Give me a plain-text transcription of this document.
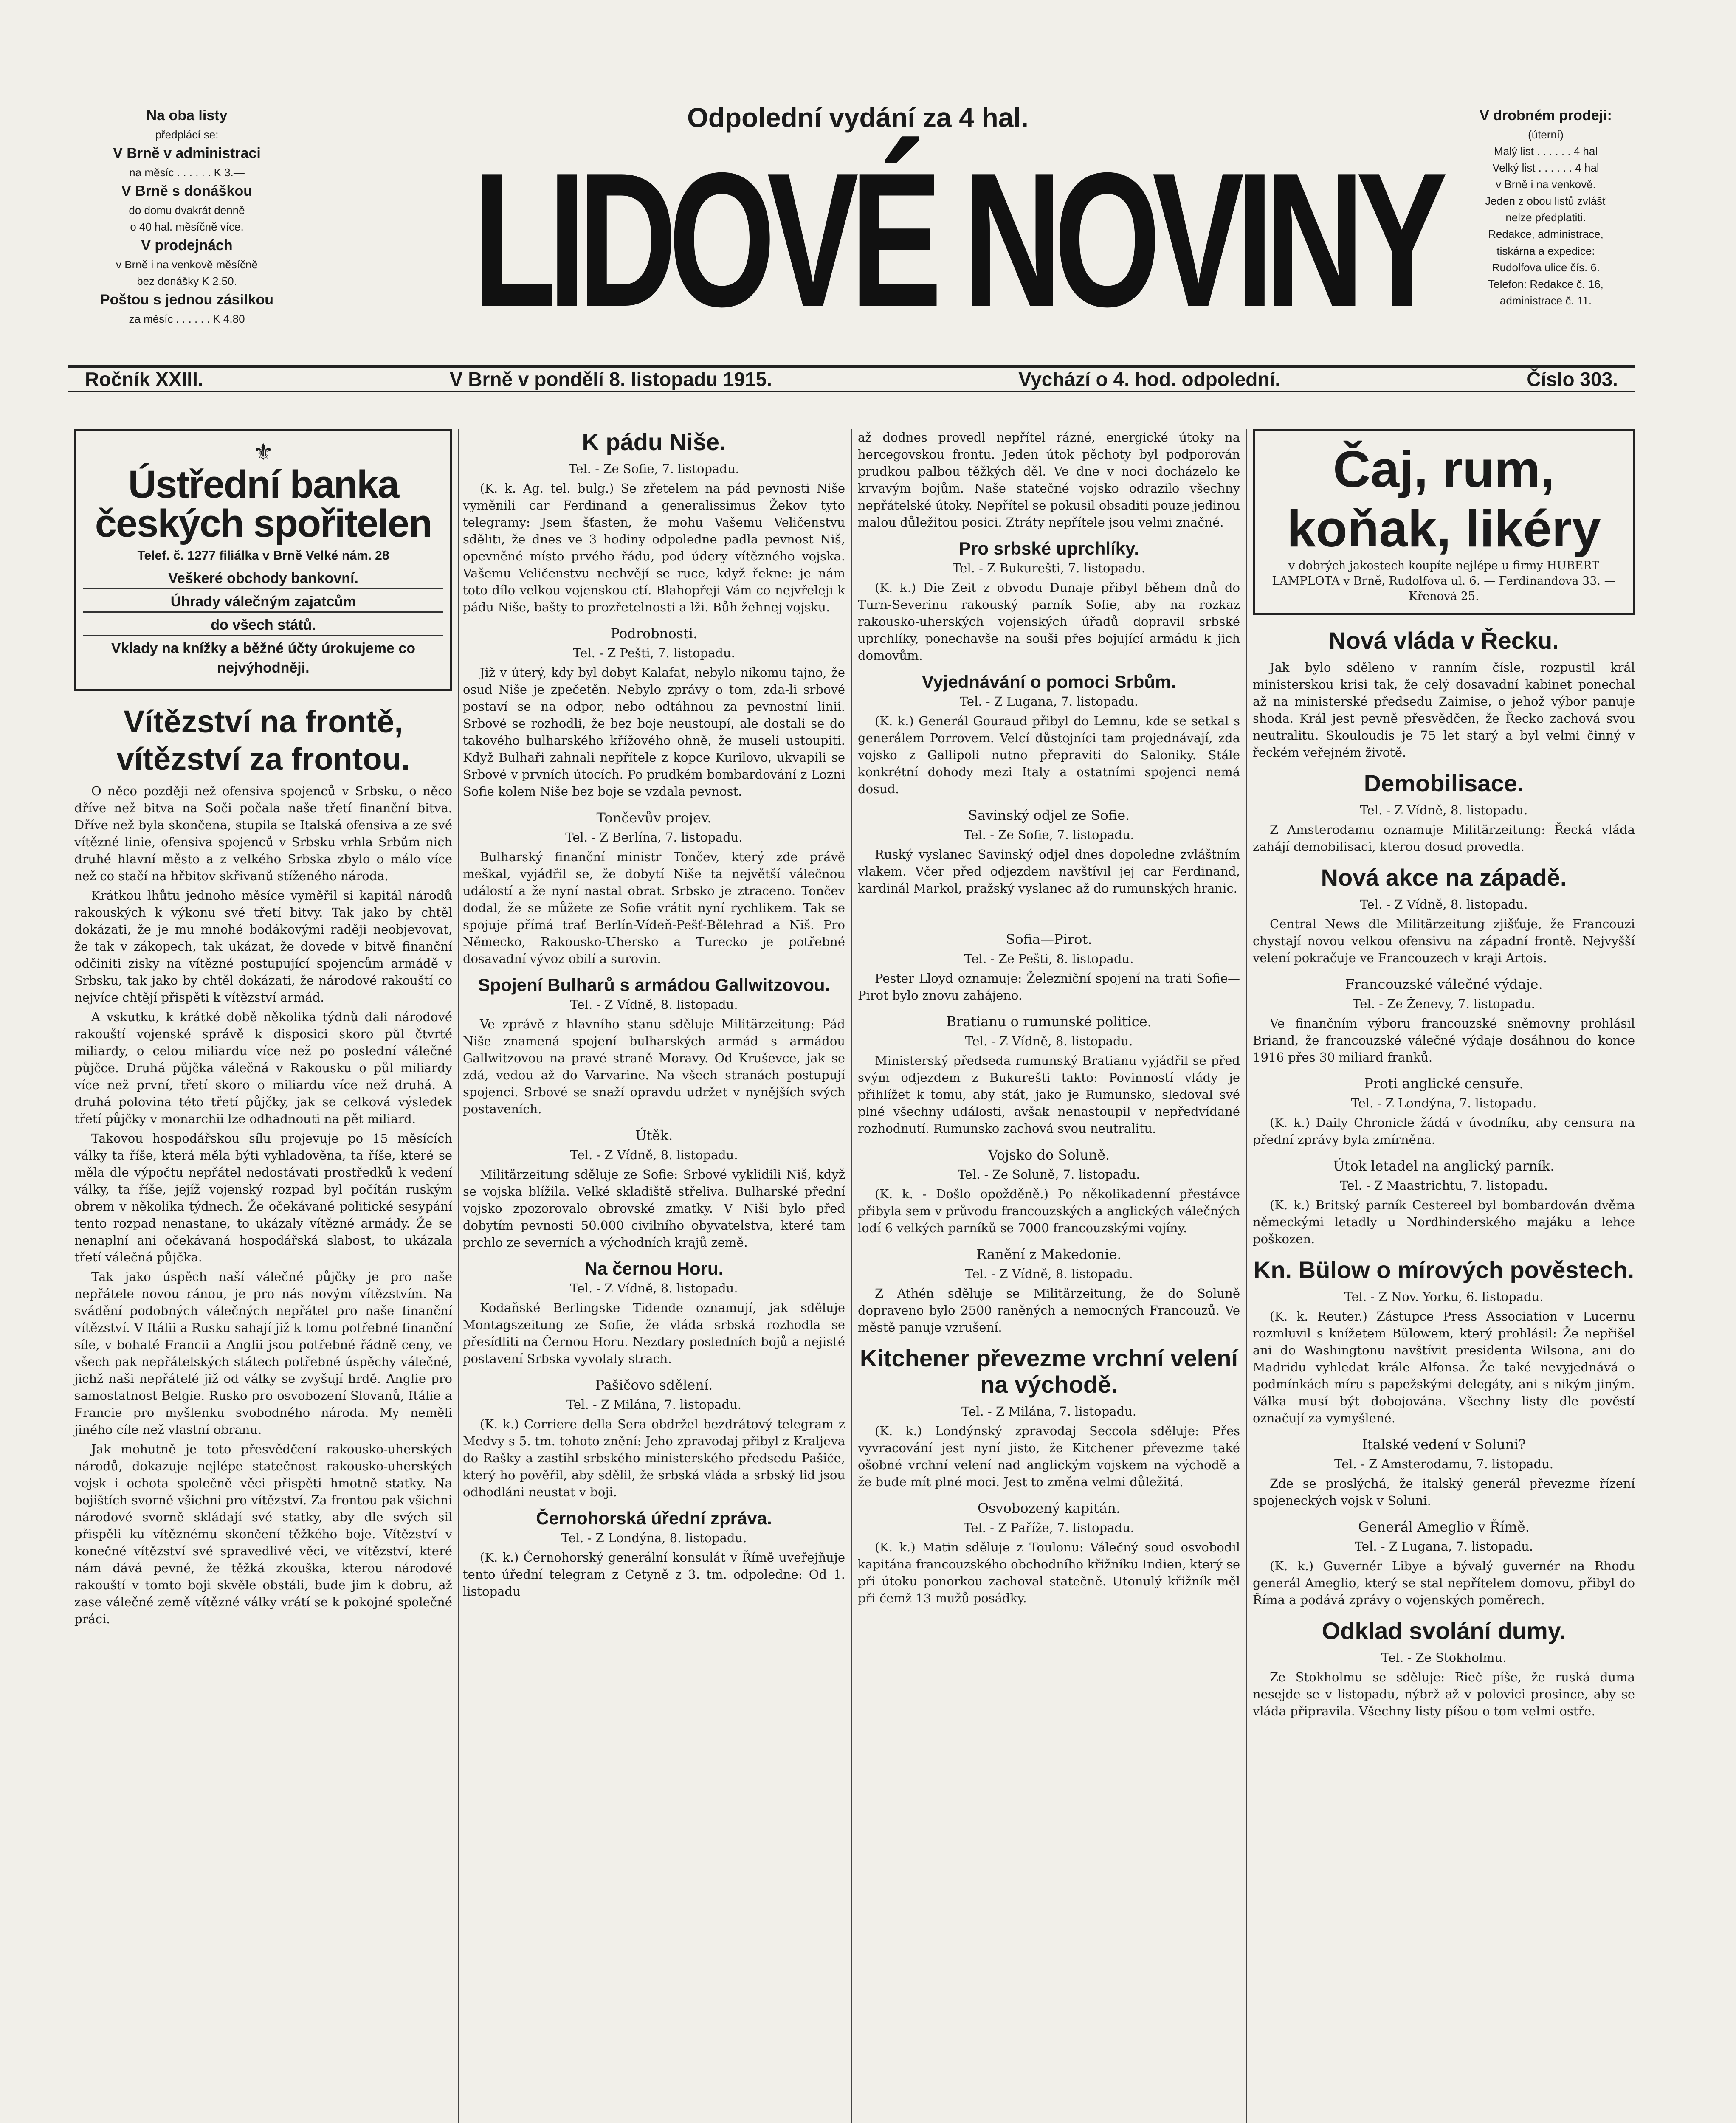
Na oba listy
předplácí se:
V Brně v administraci
na měsíc . . . . . . K 3.—
V Brně s donáškou
do domu dvakrát denně
o 40 hal. měsíčně více.
V prodejnách
v Brně i na venkově měsíčně
bez donášky K 2.50.
Poštou s jednou zásilkou
za měsíc . . . . . . K 4.80
Odpolední vydání za 4 hal.
LIDOVÉ NOVINY
V drobném prodeji:
(úterní)
Malý list . . . . . . 4 hal
Velký list . . . . . . 4 hal
v Brně i na venkově.
Jeden z obou listů zvlášť
nelze předplatiti.
Redakce, administrace,
tiskárna a expedice:
Rudolfova ulice čís. 6.
Telefon: Redakce č. 16,
administrace č. 11.
Ročník XXIII.	V Brně v pondělí 8. listopadu 1915.	Vychází o 4. hod. odpolední.	Číslo 303.
⚜
Ústřední banka
českých spořitelen
Telef. č. 1277 filiálka v Brně Velké nám. 28
Veškeré obchody bankovní.
Úhrady válečným zajatcům
do všech států.
Vklady na knížky a běžné účty úrokujeme co nejvýhodněji.
Vítězství na frontě,
vítězství za frontou.

O něco později než ofensiva spojenců v Srbsku, o něco dříve než bitva na Soči počala naše třetí finanční bitva. Dříve než byla skončena, stupila se Italská ofensiva a ze své vítězné linie, ofensiva spojenců v Srbsku vrhla Srbům nich druhé hlavní město a z velkého Srbska zbylo o málo více než co stačí na hřbitov skřivanů stíženého národa.

Krátkou lhůtu jednoho měsíce vyměřil si kapitál národů rakouských k výkonu své třetí bitvy. Tak jako by chtěl dokázati, že je mu mnohé bodákovými raději neobjevovat, že tak v zákopech, tak ukázat, že dovede v bitvě finanční odčiniti zisky na vítězné postupující spojencům armádě v Srbsku, tak jako by chtěl dokázati, že národové rakouští co nejvíce chtějí přispěti k vítězství armád.

A vskutku, k krátké době několika týdnů dali národové rakouští vojenské správě k disposici skoro půl čtvrté miliardy, o celou miliardu více než po poslední válečné půjčce. Druhá půjčka válečná v Rakousku o půl miliardy více než první, třetí skoro o miliardu více než druhá. A druhá polovina této třetí půjčky, jak se celková výsledek třetí půjčky v monarchii lze odhadnouti na pět miliard.

Takovou hospodářskou sílu projevuje po 15 měsících války ta říše, která měla býti vyhladověna, ta říše, které se měla dle výpočtu nepřátel nedostávati prostředků k vedení války, ta říše, jejíž vojenský rozpad byl počítán ruským obrem v několika týdnech. Že očekávané politické sesypání tento rozpad nenastane, to ukázaly vítězné armády. Že se nenaplní ani očekávaná hospodářská slabost, to ukázala třetí válečná půjčka.

Tak jako úspěch naší válečné půjčky je pro naše nepřátele novou ránou, je pro nás novým vítězstvím. Na svádění podobných válečných nepřátel pro naše finanční vítězství. V Itálii a Rusku sahají již k tomu potřebné finanční síle, v bohaté Francii a Anglii jsou potřebné řádně ceny, ve všech pak nepřátelských státech potřebné úspěchy válečné, jichž naši nepřátelé již od války se zvyšují hrdě. Anglie pro samostatnost Belgie. Rusko pro osvobození Slovanů, Itálie a Francie pro myšlenku svobodného národa. My neměli jiného cíle než vlastní obranu.

Jak mohutně je toto přesvědčení rakousko-uherských národů, dokazuje nejlépe statečnost rakousko-uherských vojsk i ochota společně věci přispěti hmotně statky. Na bojištích svorně všichni pro vítězství. Za frontou pak všichni národové svorně skládají své statky, aby dle svých sil přispěli ku vítěznému skončení těžkého boje. Vítězství v konečné vítězství své spravedlivé věci, ve vítězství, které nám dává pevné, že těžká zkouška, kterou národové rakouští v tomto boji skvěle obstáli, bude jim k dobru, až zase válečné země vítězné války vrátí se k pokojné společné práci.

K pádu Niše.

Tel. - Ze Sofie, 7. listopadu.

(K. k. Ag. tel. bulg.) Se zřetelem na pád pevnosti Niše vyměnili car Ferdinand a generalissimus Žekov tyto telegramy: Jsem šťasten, že mohu Vašemu Veličenstvu sděliti, že dnes ve 3 hodiny odpoledne padla pevnost Niš, opevněné místo prvého řádu, pod údery vítězného vojska. Vašemu Veličenstvu nechvějí se ruce, když řekne: je nám toto dílo velkou vojenskou ctí. Blahopřeji Vám co nejvřeleji k pádu Niše, bašty to prozřetelnosti a lži. Bůh žehnej vojsku.

Podrobnosti.

Tel. - Z Pešti, 7. listopadu.

Již v úterý, kdy byl dobyt Kalafat, nebylo nikomu tajno, že osud Niše je zpečetěn. Nebylo zprávy o tom, zda-li srbové postaví se na odpor, nebo odtáhnou za pevnostní linii. Srbové se rozhodli, že bez boje neustoupí, ale dostali se do takového bulharského křížového ohně, že museli ustoupiti. Když Bulhaři zahnali nepřítele z kopce Kurilovo, ukvapili se Srbové v prvních útocích. Po prudkém bombardování z Lozni Sofie kolem Niše bez boje se vzdala pevnost.

Tončevův projev.

Tel. - Z Berlína, 7. listopadu.

Bulharský finanční ministr Tončev, který zde právě meškal, vyjádřil se, že dobytí Niše ta největší válečnou událostí a že nyní nastal obrat. Srbsko je ztraceno. Tončev dodal, že se můžete ze Sofie vrátit nyní rychlikem. Tak se spojuje přímá trať Berlín-Vídeň-Pešť-Bělehrad a Niš. Pro Německo, Rakousko-Uhersko a Turecko je potřebné dosavadní vývoz obilí a surovin.

Spojení Bulharů s armádou Gallwitzovou.

Tel. - Z Vídně, 8. listopadu.

Ve zprávě z hlavního stanu sděluje Militärzeitung: Pád Niše znamená spojení bulharských armád s armádou Gallwitzovou na pravé straně Moravy. Od Kruševce, jak se zdá, vedou až do Varvarine. Na všech stranách postupují spojenci. Srbové se snaží opravdu udržet v nynějších svých postaveních.

Útěk.

Tel. - Z Vídně, 8. listopadu.

Militärzeitung sděluje ze Sofie: Srbové vyklidili Niš, když se vojska blížila. Velké skladiště střeliva. Bulharské přední vojsko zpozorovalo obrovské zmatky. V Niši bylo před dobytím pevnosti 50.000 civilního obyvatelstva, které tam prchlo ze severních a východních krajů země.

Na černou Horu.

Tel. - Z Vídně, 8. listopadu.

Kodaňské Berlingske Tidende oznamují, jak sděluje Montagszeitung ze Sofie, že vláda srbská rozhodla se přesídliti na Černou Horu. Nezdary posledních bojů a nejisté postavení Srbska vyvolaly strach.

Pašičovo sdělení.

Tel. - Z Milána, 7. listopadu.

(K. k.) Corriere della Sera obdržel bezdrátový telegram z Medvy s 5. tm. tohoto znění: Jeho zpravodaj přibyl z Kraljeva do Rašky a zastihl srbského ministerského předsedu Pašiće, který ho pověřil, aby sdělil, že srbská vláda a srbský lid jsou odhodláni neustat v boji.

Černohorská úřední zpráva.

Tel. - Z Londýna, 8. listopadu.

(K. k.) Černohorský generální konsulát v Římě uveřejňuje tento úřední telegram z Cetyně z 3. tm. odpoledne: Od 1. listopadu

až dodnes provedl nepřítel rázné, energické útoky na hercegovskou frontu. Jeden útok pěchoty byl podporován prudkou palbou těžkých děl. Ve dne v noci docházelo ke krvavým bojům. Naše statečné vojsko odrazilo všechny nepřátelské útoky. Nepřítel se pokusil obsaditi pouze jedinou malou důležitou posici. Ztráty nepřítele jsou velmi značné.

Pro srbské uprchlíky.

Tel. - Z Bukurešti, 7. listopadu.

(K. k.) Die Zeit z obvodu Dunaje přibyl během dnů do Turn-Severinu rakouský parník Sofie, aby na rozkaz rakousko-uherských vojenských úřadů dopravil srbské uprchlíky, ponechavše na souši přes bojující armádu k jich domovům.

Vyjednávání o pomoci Srbům.

Tel. - Z Lugana, 7. listopadu.

(K. k.) Generál Gouraud přibyl do Lemnu, kde se setkal s generálem Porrovem. Velcí důstojníci tam projednávají, zda vojsko z Gallipoli nutno přepraviti do Saloniky. Stále konkrétní dohody mezi Italy a ostatními spojenci nemá dosud.

Savinský odjel ze Sofie.

Tel. - Ze Sofie, 7. listopadu.

Ruský vyslanec Savinský odjel dnes dopoledne zvláštním vlakem. Včer před odjezdem navštívil jej car Ferdinand, kardinál Markol, pražský vyslanec až do rumunských hranic.

Sofia—Pirot.

Tel. - Ze Pešti, 8. listopadu.

Pester Lloyd oznamuje: Železniční spojení na trati Sofie—Pirot bylo znovu zahájeno.

Bratianu o rumunské politice.

Tel. - Z Vídně, 8. listopadu.

Ministerský předseda rumunský Bratianu vyjádřil se před svým odjezdem z Bukurešti takto: Povinností vlády je přihlížet k tomu, aby stát, jako je Rumunsko, sledoval své plné všechny události, avšak nenastoupil v nepředvídané rozhodnutí. Rumunsko zachová svou neutralitu.

Vojsko do Soluně.

Tel. - Ze Soluně, 7. listopadu.

(K. k. - Došlo opožděně.) Po několikadenní přestávce přibyla sem v průvodu francouzských a anglických válečných lodí 6 velkých parníků se 7000 francouzskými vojíny.

Ranění z Makedonie.

Tel. - Z Vídně, 8. listopadu.

Z Athén sděluje se Militärzeitung, že do Soluně dopraveno bylo 2500 raněných a nemocných Francouzů. Ve městě panuje vzrušení.

Kitchener převezme vrchní velení na východě.

Tel. - Z Milána, 7. listopadu.

(K. k.) Londýnský zpravodaj Seccola sděluje: Přes vyvracování jest nyní jisto, že Kitchener převezme také ošobné vrchní velení nad anglickým vojskem na východě a že bude mít plné moci. Jest to změna velmi důležitá.

Osvobozený kapitán.

Tel. - Z Paříže, 7. listopadu.

(K. k.) Matin sděluje z Toulonu: Válečný soud osvobodil kapitána francouzského obchodního křižníku Indien, který se při útoku ponorkou zachoval statečně. Utonulý křižník měl při čemž 13 mužů posádky.

Čaj, rum,
koňak, likéry
v dobrých jakostech koupíte nejlépe u firmy HUBERT LAMPLOTA v Brně, Rudolfova ul. 6. — Ferdinandova 33. — Křenová 25.
Nová vláda v Řecku.

Jak bylo sděleno v ranním čísle, rozpustil král ministerskou krisi tak, že celý dosavadní kabinet ponechal až na ministerské předsedu Zaimise, o jehož výbor panuje shoda. Král jest pevně přesvědčen, že Řecko zachová svou neutralitu. Skouloudis je 75 let starý a byl velmi činný v řeckém veřejném životě.

Demobilisace.

Tel. - Z Vídně, 8. listopadu.

Z Amsterodamu oznamuje Militärzeitung: Řecká vláda zahájí demobilisaci, kterou dosud provedla.

Nová akce na západě.

Tel. - Z Vídně, 8. listopadu.

Central News dle Militärzeitung zjišťuje, že Francouzi chystají novou velkou ofensivu na západní frontě. Nejvyšší velení pokračuje ve Francouzech v kraji Artois.

Francouzské válečné výdaje.

Tel. - Ze Ženevy, 7. listopadu.

Ve finančním výboru francouzské sněmovny prohlásil Briand, že francouzské válečné výdaje dosáhnou do konce 1916 přes 30 miliard franků.

Proti anglické censuře.

Tel. - Z Londýna, 7. listopadu.

(K. k.) Daily Chronicle žádá v úvodníku, aby censura na přední zprávy byla zmírněna.

Útok letadel na anglický parník.

Tel. - Z Maastrichtu, 7. listopadu.

(K. k.) Britský parník Cestereel byl bombardován dvěma německými letadly u Nordhinderského majáku a lehce poškozen.

Kn. Bülow o mírových pověstech.

Tel. - Z Nov. Yorku, 6. listopadu.

(K. k. Reuter.) Zástupce Press Association v Lucernu rozmluvil s knížetem Bülowem, který prohlásil: Že nepřišel ani do Washingtonu navštívit presidenta Wilsona, ani do Madridu vyhledat krále Alfonsa. Že také nevyjednává o podmínkách míru s papežskými delegáty, ani s nikým jiným. Válka musí být dobojována. Všechny listy dle pověstí označují za vymyšlené.

Italské vedení v Soluni?

Tel. - Z Amsterodamu, 7. listopadu.

Zde se proslýchá, že italský generál převezme řízení spojeneckých vojsk v Soluni.

Generál Ameglio v Římě.

Tel. - Z Lugana, 7. listopadu.

(K. k.) Guvernér Libye a bývalý guvernér na Rhodu generál Ameglio, který se stal nepřítelem domovu, přibyl do Říma a podává zprávy o vojenských poměrech.

Odklad svolání dumy.

Tel. - Ze Stokholmu.

Ze Stokholmu se sděluje: Rieč píše, že ruská duma nesejde se v listopadu, nýbrž až v polovici prosince, aby se vláda připravila. Všechny listy píšou o tom velmi ostře.
